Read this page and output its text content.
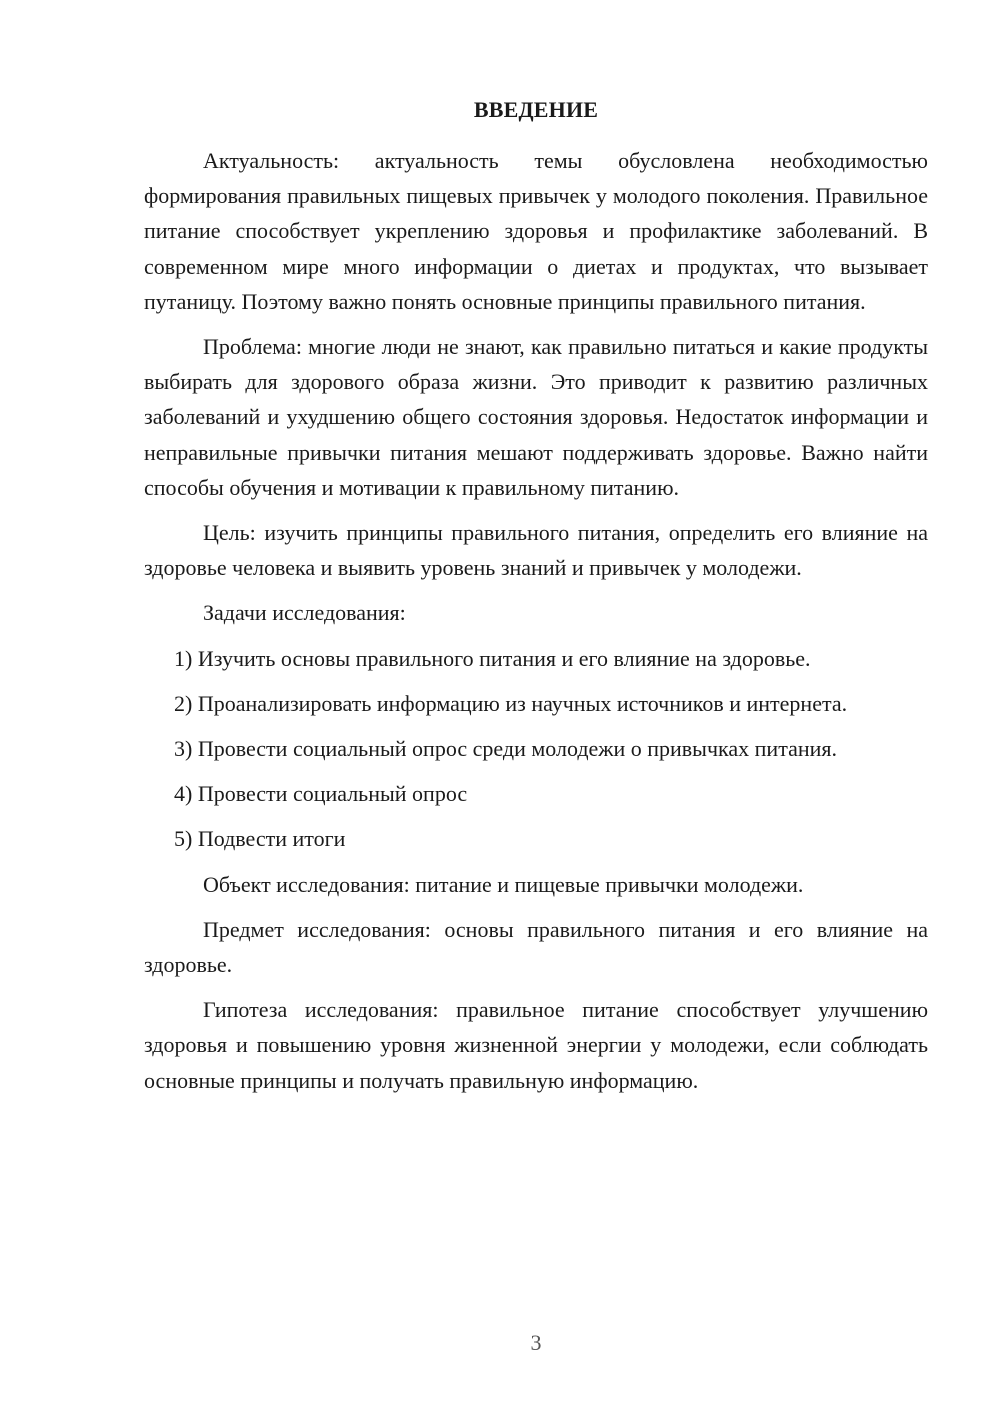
ВВЕДЕНИЕ

Актуальность: актуальность темы обусловлена необходимостью формирования правильных пищевых привычек у молодого поколения. Правильное питание способствует укреплению здоровья и профилактике заболеваний. В современном мире много информации о диетах и продуктах, что вызывает путаницу. Поэтому важно понять основные принципы правильного питания.

Проблема: многие люди не знают, как правильно питаться и какие продукты выбирать для здорового образа жизни. Это приводит к развитию различных заболеваний и ухудшению общего состояния здоровья. Недостаток информации и неправильные привычки питания мешают поддерживать здоровье. Важно найти способы обучения и мотивации к правильному питанию.

Цель: изучить принципы правильного питания, определить его влияние на здоровье человека и выявить уровень знаний и привычек у молодежи.

Задачи исследования:

1) Изучить основы правильного питания и его влияние на здоровье.

2) Проанализировать информацию из научных источников и интернета.

3) Провести социальный опрос среди молодежи о привычках питания.

4) Провести социальный опрос

5) Подвести итоги

Объект исследования: питание и пищевые привычки молодежи.

Предмет исследования: основы правильного питания и его влияние на здоровье.

Гипотеза исследования: правильное питание способствует улучшению здоровья и повышению уровня жизненной энергии у молодежи, если соблюдать основные принципы и получать правильную информацию.

3
